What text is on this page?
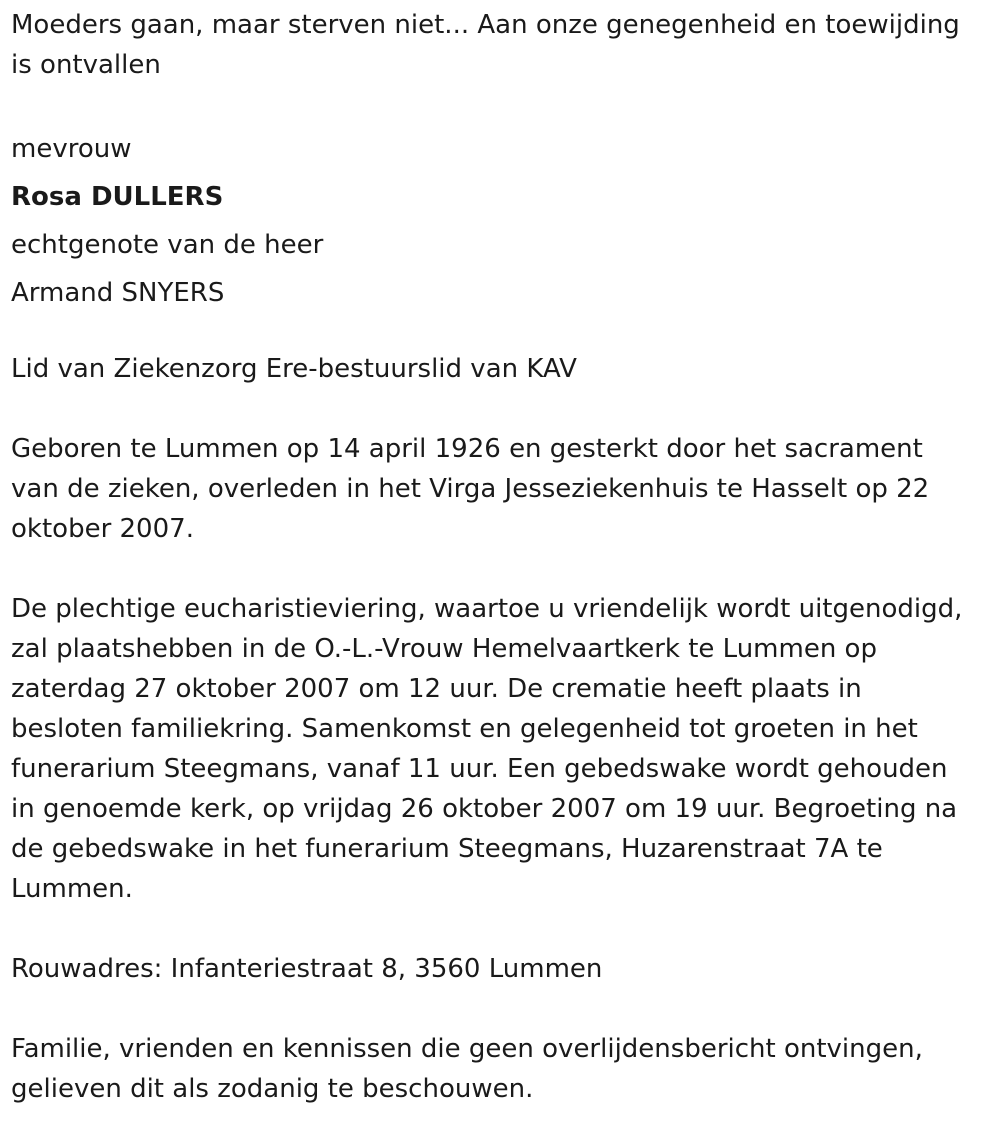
Moeders gaan, maar sterven niet... Aan onze genegenheid en toewijding
is ontvallen

mevrouw
Rosa DULLERS
echtgenote van de heer
Armand SNYERS

Lid van Ziekenzorg Ere-bestuurslid van KAV

Geboren te Lummen op 14 april 1926 en gesterkt door het sacrament
van de zieken, overleden in het Virga Jesseziekenhuis te Hasselt op 22
oktober 2007.

De plechtige eucharistieviering, waartoe u vriendelijk wordt uitgenodigd,
zal plaatshebben in de O.-L.-Vrouw Hemelvaartkerk te Lummen op
zaterdag 27 oktober 2007 om 12 uur. De crematie heeft plaats in
besloten familiekring. Samenkomst en gelegenheid tot groeten in het
funerarium Steegmans, vanaf 11 uur. Een gebedswake wordt gehouden
in genoemde kerk, op vrijdag 26 oktober 2007 om 19 uur. Begroeting na
de gebedswake in het funerarium Steegmans, Huzarenstraat 7A te
Lummen.

Rouwadres: Infanteriestraat 8, 3560 Lummen

Familie, vrienden en kennissen die geen overlijdensbericht ontvingen,
gelieven dit als zodanig te beschouwen.
